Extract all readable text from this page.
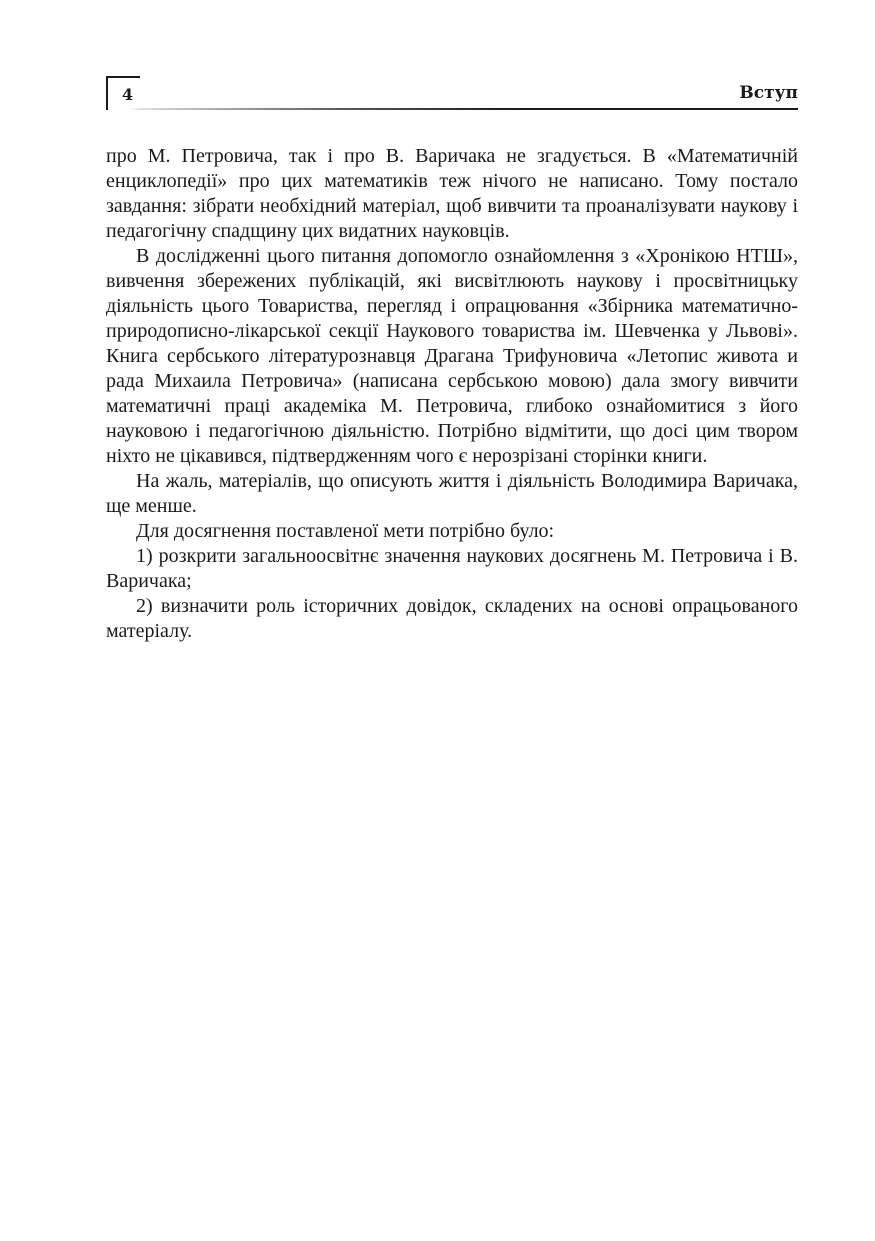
4	Вступ

про М. Петровича, так і про В. Варичака не згадується. В «Математичній енциклопедії» про цих математиків теж нічого не написано. Тому постало завдання: зібрати необхідний матеріал, щоб вивчити та проаналізувати наукову і педагогічну спадщину цих видатних науковців.

В дослідженні цього питання допомогло ознайомлення з «Хронікою НТШ», вивчення збережених публікацій, які висвітлюють наукову і просвітницьку діяльність цього Товариства, перегляд і опрацювання «Збірника математично-природописно-лікарської секції Наукового товариства ім. Шевченка у Львові». Книга сербського літературознавця Драгана Трифуновича «Летопис живота и рада Михаила Петровича» (написана сербською мовою) дала змогу вивчити математичні праці академіка М. Петровича, глибоко ознайомитися з його науковою і педагогічною діяльністю. Потрібно відмітити, що досі цим твором ніхто не цікавився, підтвердженням чого є нерозрізані сторінки книги.

На жаль, матеріалів, що описують життя і діяльність Володимира Варичака, ще менше.

Для досягнення поставленої мети потрібно було:

1) розкрити загальноосвітнє значення наукових досягнень М. Петровича і В. Варичака;

2) визначити роль історичних довідок, складених на основі опрацьованого матеріалу.
